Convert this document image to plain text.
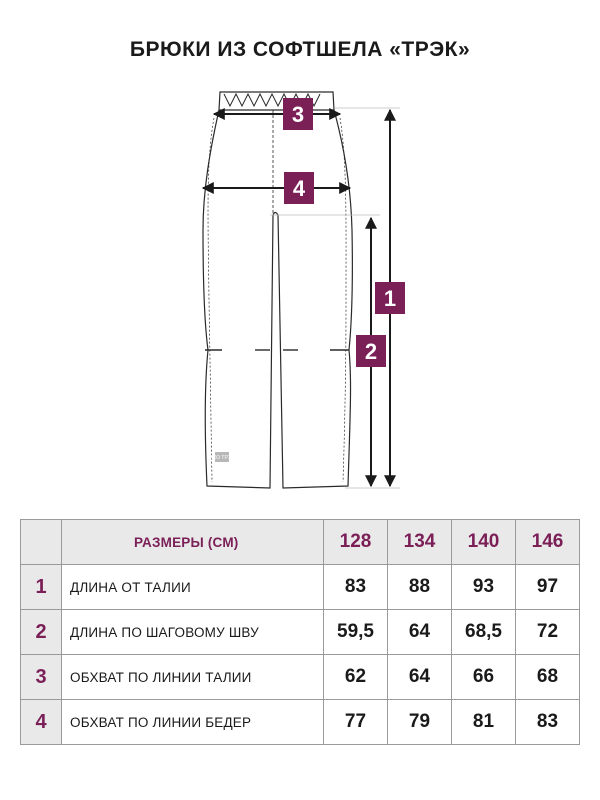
БРЮКИ ИЗ СОФТШЕЛА «ТРЭК»
ЭКО ТРЭК
3
4
1
2
	РАЗМЕРЫ (СМ)	128	134	140	146
1	ДЛИНА ОТ ТАЛИИ	83	88	93	97
2	ДЛИНА ПО ШАГОВОМУ ШВУ	59,5	64	68,5	72
3	ОБХВАТ ПО ЛИНИИ ТАЛИИ	62	64	66	68
4	ОБХВАТ ПО ЛИНИИ БЕДЕР	77	79	81	83
